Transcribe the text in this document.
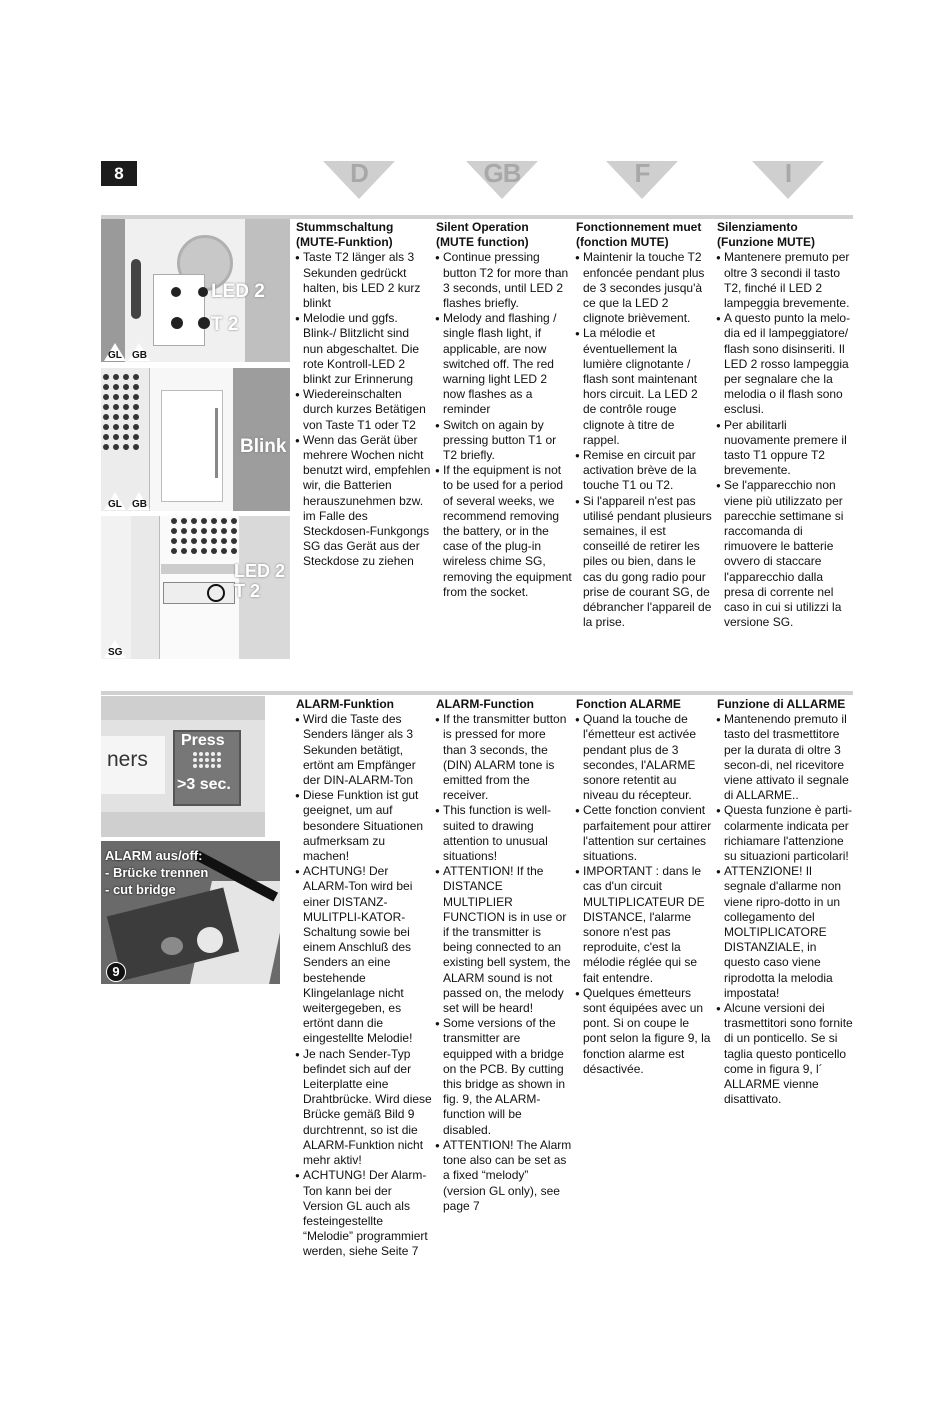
8	D	GB	F	I
LED 2
T 2
GL GB
Blink
GL GB
LED 2
T 2
SG
ners
Press
>3 sec.
ALARM aus/off:
- Brücke trennen
- cut bridge
9
Stummschaltung
(MUTE-Funktion)
● Taste T2 länger als 3 Sekunden gedrückt halten, bis LED 2 kurz blinkt
● Melodie und ggfs. Blink-/ Blitzlicht sind nun abgeschaltet. Die rote Kontroll-LED 2 blinkt zur Erinnerung
● Wiedereinschalten durch kurzes Betätigen von Taste T1 oder T2
● Wenn das Gerät über mehrere Wochen nicht benutzt wird, empfehlen wir, die Batterien herauszunehmen bzw. im Falle des Steckdosen-Funkgongs SG das Gerät aus der Steckdose zu ziehen
Silent Operation
(MUTE function)
● Continue pressing button T2 for more than 3 seconds, until LED 2 flashes briefly.
● Melody and flashing / single flash light, if applicable, are now switched off. The red warning light LED 2 now flashes as a reminder
● Switch on again by pressing button T1 or T2 briefly.
● If the equipment is not to be used for a period of several weeks, we recommend removing the battery, or in the case of the plug-in wireless chime SG, removing the equipment from the socket.
Fonctionnement muet
(fonction MUTE)
● Maintenir la touche T2 enfoncée pendant plus de 3 secondes jusqu'à ce que la LED 2 clignote brièvement.
● La mélodie et éventuellement la lumière clignotante / flash sont maintenant hors circuit. La LED 2 de contrôle rouge clignote à titre de rappel.
● Remise en circuit par activation brève de la touche T1 ou T2.
● Si l'appareil n'est pas utilisé pendant plusieurs semaines, il est conseillé de retirer les piles ou bien, dans le cas du gong radio pour prise de courant SG, de débrancher l'appareil de la prise.
Silenziamento
(Funzione MUTE)
● Mantenere premuto per oltre 3 secondi il tasto T2, finché il LED 2 lampeggia brevemente.
● A questo punto la melo-dia ed il lampeggiatore/ flash sono disinseriti. Il LED 2 rosso lampeggia per segnalare che la melodia o il flash sono esclusi.
● Per abilitarli nuovamente premere il tasto T1 oppure T2 brevemente.
● Se l'apparecchio non viene più utilizzato per parecchie settimane si raccomanda di rimuovere le batterie ovvero di staccare l'apparecchio dalla presa di corrente nel caso in cui si utilizzi la versione SG.
ALARM-Funktion
● Wird die Taste des Senders länger als 3 Sekunden betätigt, ertönt am Empfänger der DIN-ALARM-Ton
● Diese Funktion ist gut geeignet, um auf besondere Situationen aufmerksam zu machen!
● ACHTUNG! Der ALARM-Ton wird bei einer DISTANZ-MULITPLI-KATOR-Schaltung sowie bei einem Anschluß des Senders an eine bestehende Klingelanlage nicht weitergegeben, es ertönt dann die eingestellte Melodie!
● Je nach Sender-Typ befindet sich auf der Leiterplatte eine Drahtbrücke. Wird diese Brücke gemäß Bild 9 durchtrennt, so ist die ALARM-Funktion nicht mehr aktiv!
● ACHTUNG! Der Alarm-Ton kann bei der Version GL auch als festeingestellte “Melodie” programmiert werden, siehe Seite 7
ALARM-Function
● If the transmitter button is pressed for more than 3 seconds, the (DIN) ALARM tone is emitted from the receiver.
● This function is well-suited to drawing attention to unusual situations!
● ATTENTION! If the DISTANCE MULTIPLIER FUNCTION is in use or if the transmitter is being connected to an existing bell system, the ALARM sound is not passed on, the melody set will be heard!
● Some versions of the transmitter are equipped with a bridge on the PCB. By cutting this bridge as shown in fig. 9, the ALARM-function will be disabled.
● ATTENTION! The Alarm tone also can be set as a fixed “melody” (version GL only), see page 7
Fonction ALARME
● Quand la touche de l'émetteur est activée pendant plus de 3 secondes, l'ALARME sonore retentit au niveau du récepteur.
● Cette fonction convient parfaitement pour attirer l'attention sur certaines situations.
● IMPORTANT : dans le cas d'un circuit MULTIPLICATEUR DE DISTANCE, l'alarme sonore n'est pas reproduite, c'est la mélodie réglée qui se fait entendre.
● Quelques émetteurs sont équipées avec un pont. Si on coupe le pont selon la figure 9, la fonction alarme est désactivée.
Funzione di ALLARME
● Mantenendo premuto il tasto del trasmettitore per la durata di oltre 3 secon-di, nel ricevitore viene attivato il segnale di ALLARME..
● Questa funzione è parti-colarmente indicata per richiamare l'attenzione su situazioni particolari!
● ATTENZIONE! Il segnale d'allarme non viene ripro-dotto in un collegamento del MOLTIPLICATORE DISTANZIALE, in questo caso viene riprodotta la melodia impostata!
● Alcune versioni dei trasmettitori sono fornite di un ponticello. Se si taglia questo ponticello come in figura 9, l´ ALLARME vienne disattivato.
